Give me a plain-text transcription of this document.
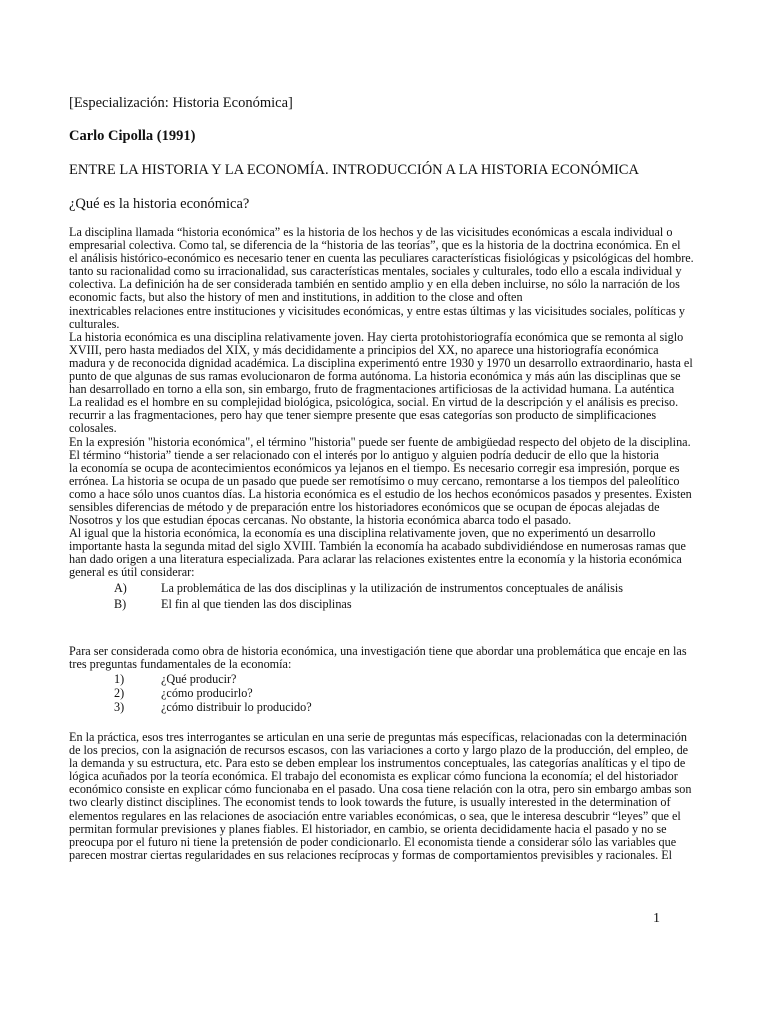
[Especialización: Historia Económica]
Carlo Cipolla (1991)
ENTRE LA HISTORIA Y LA ECONOMÍA. INTRODUCCIÓN A LA HISTORIA ECONÓMICA
¿Qué es la historia económica?
La disciplina llamada “historia económica” es la historia de los hechos y de las vicisitudes económicas a escala individual o
empresarial colectiva. Como tal, se diferencia de la “historia de las teorías”, que es la historia de la doctrina económica. En el
el análisis histórico-económico es necesario tener en cuenta las peculiares características fisiológicas y psicológicas del hombre.
tanto su racionalidad como su irracionalidad, sus características mentales, sociales y culturales, todo ello a escala individual y
colectiva. La definición ha de ser considerada también en sentido amplio y en ella deben incluirse, no sólo la narración de los
economic facts, but also the history of men and institutions, in addition to the close and often
inextricables relaciones entre instituciones y vicisitudes económicas, y entre estas últimas y las vicisitudes sociales, políticas y
culturales.
La historia económica es una disciplina relativamente joven. Hay cierta protohistoriografía económica que se remonta al siglo
XVIII, pero hasta mediados del XIX, y más decididamente a principios del XX, no aparece una historiografía económica
madura y de reconocida dignidad académica. La disciplina experimentó entre 1930 y 1970 un desarrollo extraordinario, hasta el
punto de que algunas de sus ramas evolucionaron de forma autónoma. La historia económica y más aún las disciplinas que se
han desarrollado en torno a ella son, sin embargo, fruto de fragmentaciones artificiosas de la actividad humana. La auténtica
La realidad es el hombre en su complejidad biológica, psicológica, social. En virtud de la descripción y el análisis es preciso.
recurrir a las fragmentaciones, pero hay que tener siempre presente que esas categorías son producto de simplificaciones
colosales.
En la expresión "historia económica", el término "historia" puede ser fuente de ambigüedad respecto del objeto de la disciplina.
El término “historia” tiende a ser relacionado con el interés por lo antiguo y alguien podría deducir de ello que la historia
la economía se ocupa de acontecimientos económicos ya lejanos en el tiempo. Es necesario corregir esa impresión, porque es
errónea. La historia se ocupa de un pasado que puede ser remotísimo o muy cercano, remontarse a los tiempos del paleolítico
como a hace sólo unos cuantos días. La historia económica es el estudio de los hechos económicos pasados y presentes. Existen
sensibles diferencias de método y de preparación entre los historiadores económicos que se ocupan de épocas alejadas de
Nosotros y los que estudian épocas cercanas. No obstante, la historia económica abarca todo el pasado.
Al igual que la historia económica, la economía es una disciplina relativamente joven, que no experimentó un desarrollo
importante hasta la segunda mitad del siglo XVIII. También la economía ha acabado subdividiéndose en numerosas ramas que
han dado origen a una literatura especializada. Para aclarar las relaciones existentes entre la economía y la historia económica
general es útil considerar:
A)	La problemática de las dos disciplinas y la utilización de instrumentos conceptuales de análisis
B)	El fin al que tienden las dos disciplinas
Para ser considerada como obra de historia económica, una investigación tiene que abordar una problemática que encaje en las
tres preguntas fundamentales de la economía:
1)	¿Qué producir?
2)	¿cómo producirlo?
3)	¿cómo distribuir lo producido?
En la práctica, esos tres interrogantes se articulan en una serie de preguntas más específicas, relacionadas con la determinación
de los precios, con la asignación de recursos escasos, con las variaciones a corto y largo plazo de la producción, del empleo, de
la demanda y su estructura, etc. Para esto se deben emplear los instrumentos conceptuales, las categorías analíticas y el tipo de
lógica acuñados por la teoría económica. El trabajo del economista es explicar cómo funciona la economía; el del historiador
económico consiste en explicar cómo funcionaba en el pasado. Una cosa tiene relación con la otra, pero sin embargo ambas son
two clearly distinct disciplines. The economist tends to look towards the future, is usually interested in the determination of
elementos regulares en las relaciones de asociación entre variables económicas, o sea, que le interesa descubrir “leyes” que el
permitan formular previsiones y planes fiables. El historiador, en cambio, se orienta decididamente hacia el pasado y no se
preocupa por el futuro ni tiene la pretensión de poder condicionarlo. El economista tiende a considerar sólo las variables que
parecen mostrar ciertas regularidades en sus relaciones recíprocas y formas de comportamientos previsibles y racionales. El
1
